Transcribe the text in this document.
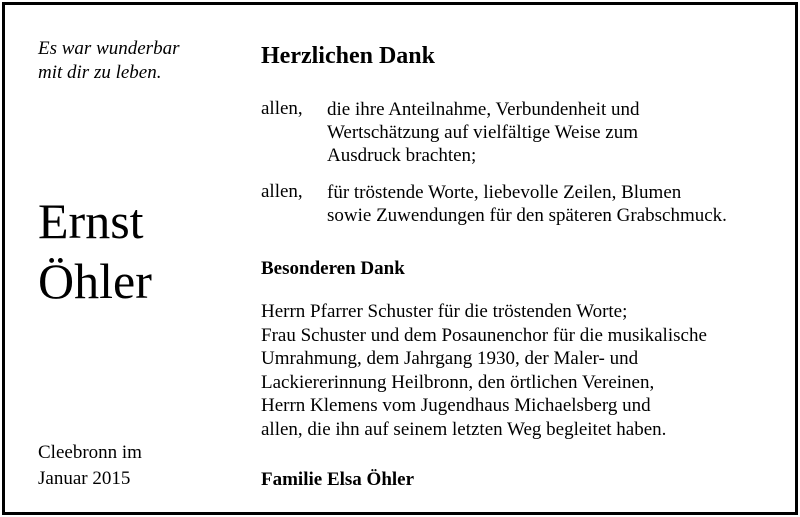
Es war wunderbar
mit dir zu leben.
Ernst
Öhler
Cleebronn im
Januar 2015
Herzlichen Dank
allen, die ihre Anteilnahme, Verbundenheit und
Wertschätzung auf vielfältige Weise zum
Ausdruck brachten;
allen, für tröstende Worte, liebevolle Zeilen, Blumen
sowie Zuwendungen für den späteren Grabschmuck.
Besonderen Dank
Herrn Pfarrer Schuster für die tröstenden Worte;
Frau Schuster und dem Posaunenchor für die musikalische
Umrahmung, dem Jahrgang 1930, der Maler- und
Lackiererinnung Heilbronn, den örtlichen Vereinen,
Herrn Klemens vom Jugendhaus Michaelsberg und
allen, die ihn auf seinem letzten Weg begleitet haben.
Familie Elsa Öhler
